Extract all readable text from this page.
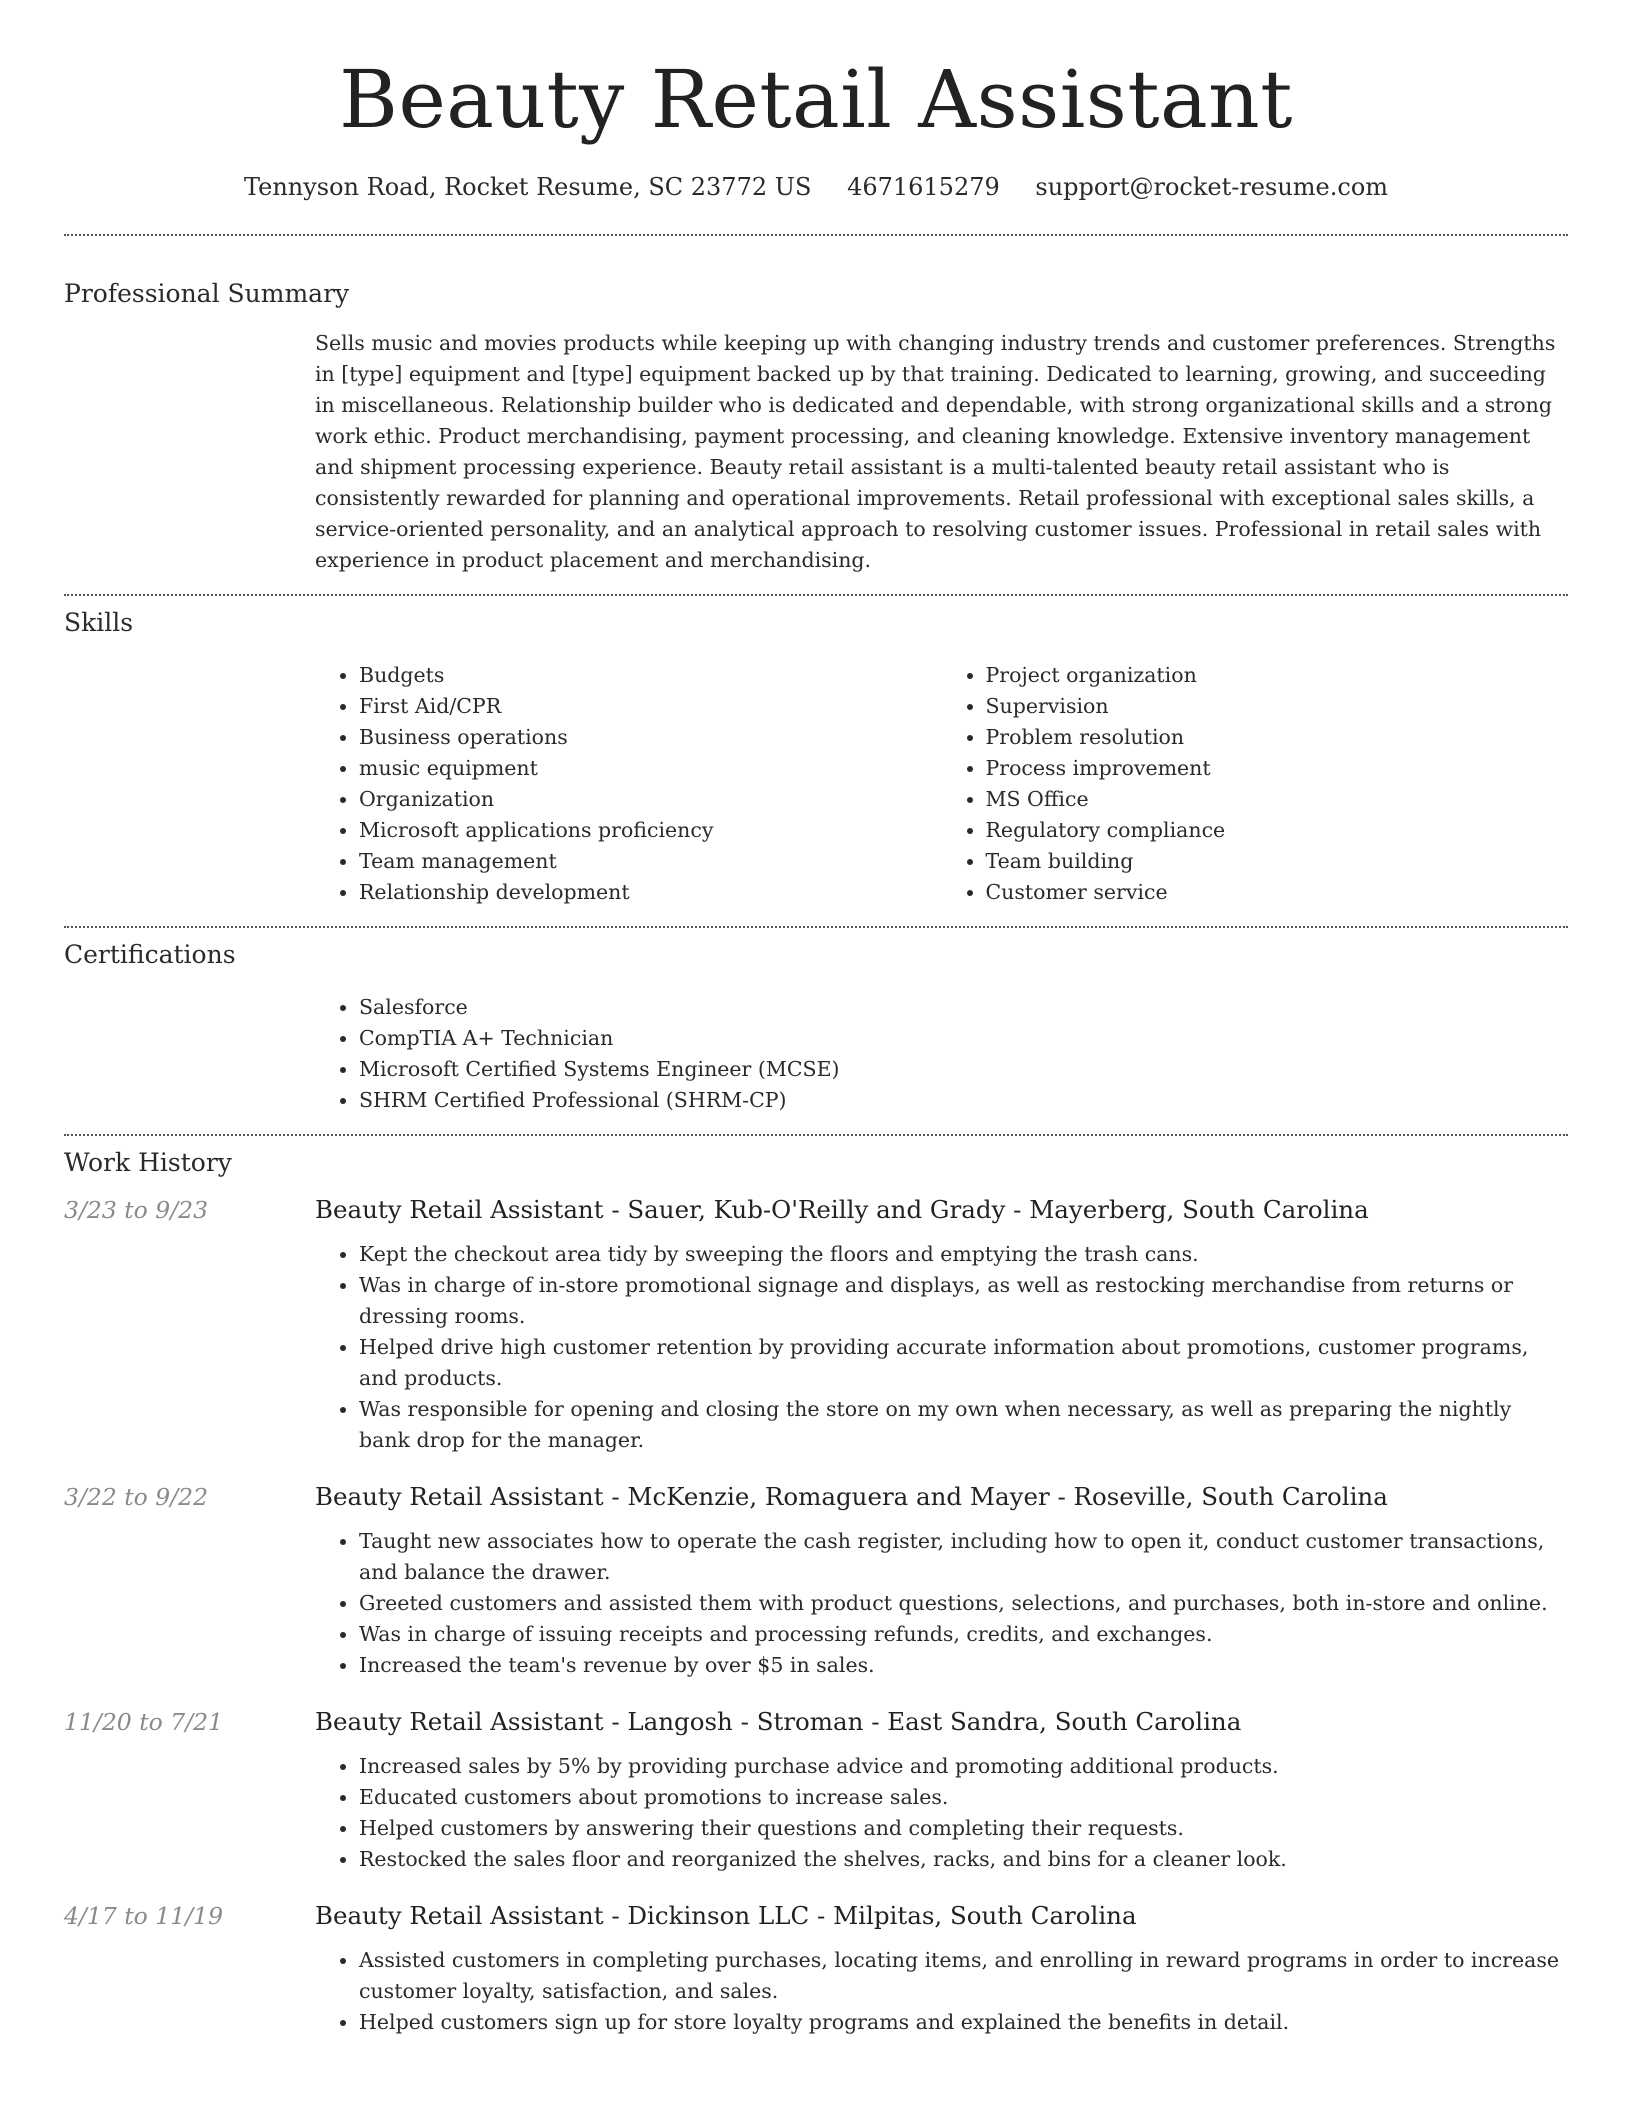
Beauty Retail Assistant
Tennyson Road, Rocket Resume, SC 23772 US 4671615279 support@rocket-resume.com
Professional Summary

Sells music and movies products while keeping up with changing industry trends and customer preferences. Strengths in [type] equipment and [type] equipment backed up by that training. Dedicated to learning, growing, and succeeding in miscellaneous. Relationship builder who is dedicated and dependable, with strong organizational skills and a strong work ethic. Product merchandising, payment processing, and cleaning knowledge. Extensive inventory management and shipment processing experience. Beauty retail assistant is a multi-talented beauty retail assistant who is consistently rewarded for planning and operational improvements. Retail professional with exceptional sales skills, a service-oriented personality, and an analytical approach to resolving customer issues. Professional in retail sales with experience in product placement and merchandising.

Skills
• Budgets
• First Aid/CPR
• Business operations
• music equipment
• Organization
• Microsoft applications proficiency
• Team management
• Relationship development
• Project organization
• Supervision
• Problem resolution
• Process improvement
• MS Office
• Regulatory compliance
• Team building
• Customer service
Certifications
• Salesforce
• CompTIA A+ Technician
• Microsoft Certified Systems Engineer (MCSE)
• SHRM Certified Professional (SHRM-CP)
Work History
3/23 to 9/23	Beauty Retail Assistant - Sauer, Kub-O'Reilly and Grady - Mayerberg, South Carolina
• Kept the checkout area tidy by sweeping the floors and emptying the trash cans.
• Was in charge of in-store promotional signage and displays, as well as restocking merchandise from returns or dressing rooms.
• Helped drive high customer retention by providing accurate information about promotions, customer programs, and products.
• Was responsible for opening and closing the store on my own when necessary, as well as preparing the nightly bank drop for the manager.
3/22 to 9/22	Beauty Retail Assistant - McKenzie, Romaguera and Mayer - Roseville, South Carolina
• Taught new associates how to operate the cash register, including how to open it, conduct customer transactions, and balance the drawer.
• Greeted customers and assisted them with product questions, selections, and purchases, both in-store and online.
• Was in charge of issuing receipts and processing refunds, credits, and exchanges.
• Increased the team's revenue by over $5 in sales.
11/20 to 7/21	Beauty Retail Assistant - Langosh - Stroman - East Sandra, South Carolina
• Increased sales by 5% by providing purchase advice and promoting additional products.
• Educated customers about promotions to increase sales.
• Helped customers by answering their questions and completing their requests.
• Restocked the sales floor and reorganized the shelves, racks, and bins for a cleaner look.
4/17 to 11/19	Beauty Retail Assistant - Dickinson LLC - Milpitas, South Carolina
• Assisted customers in completing purchases, locating items, and enrolling in reward programs in order to increase customer loyalty, satisfaction, and sales.
• Helped customers sign up for store loyalty programs and explained the benefits in detail.
